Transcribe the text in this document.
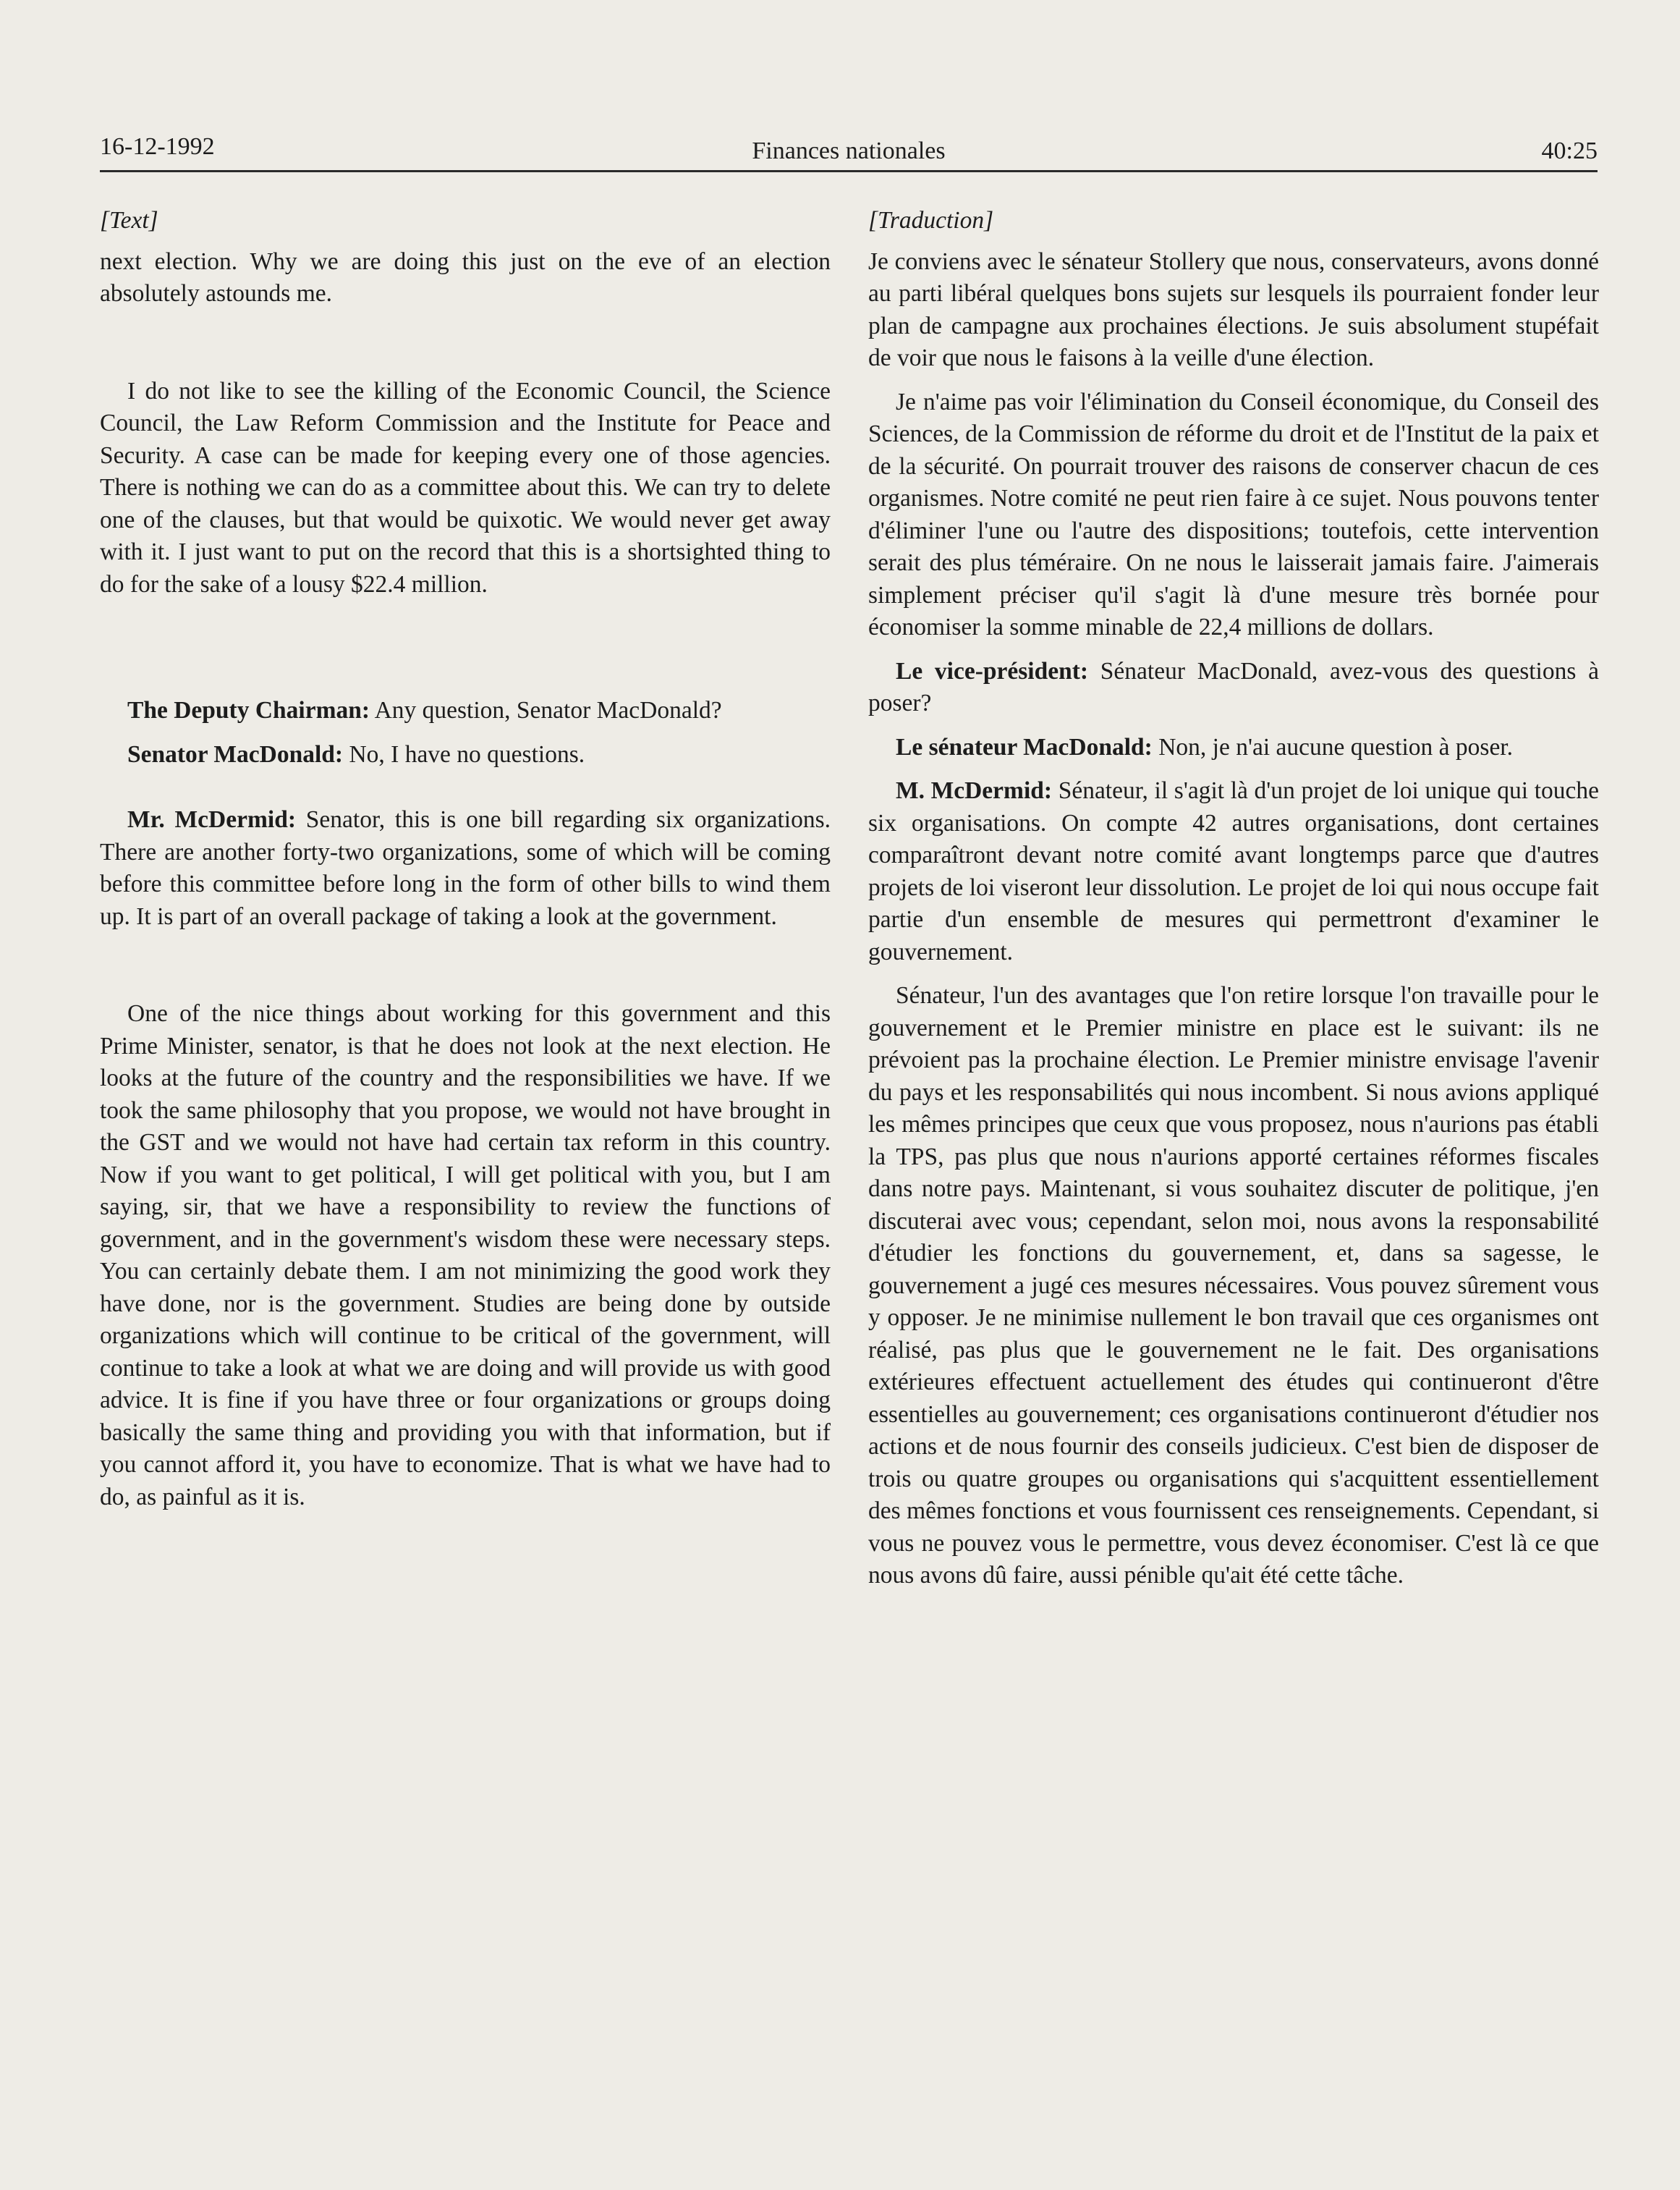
16-12-1992	Finances nationales	40:25

[Text]

next election. Why we are doing this just on the eve of an election absolutely astounds me.

I do not like to see the killing of the Economic Council, the Science Council, the Law Reform Commission and the Institute for Peace and Security. A case can be made for keeping every one of those agencies. There is nothing we can do as a committee about this. We can try to delete one of the clauses, but that would be quixotic. We would never get away with it. I just want to put on the record that this is a shortsighted thing to do for the sake of a lousy $22.4 million.

The Deputy Chairman: Any question, Senator MacDonald?

Senator MacDonald: No, I have no questions.

Mr. McDermid: Senator, this is one bill regarding six organizations. There are another forty-two organizations, some of which will be coming before this committee before long in the form of other bills to wind them up. It is part of an overall package of taking a look at the government.

One of the nice things about working for this government and this Prime Minister, senator, is that he does not look at the next election. He looks at the future of the country and the responsibilities we have. If we took the same philosophy that you propose, we would not have brought in the GST and we would not have had certain tax reform in this country. Now if you want to get political, I will get political with you, but I am saying, sir, that we have a responsibility to review the functions of government, and in the government's wisdom these were necessary steps. You can certainly debate them. I am not minimizing the good work they have done, nor is the government. Studies are being done by outside organizations which will continue to be critical of the government, will continue to take a look at what we are doing and will provide us with good advice. It is fine if you have three or four organizations or groups doing basically the same thing and providing you with that information, but if you cannot afford it, you have to economize. That is what we have had to do, as painful as it is.

[Traduction]

Je conviens avec le sénateur Stollery que nous, conservateurs, avons donné au parti libéral quelques bons sujets sur lesquels ils pourraient fonder leur plan de campagne aux prochaines élections. Je suis absolument stupéfait de voir que nous le faisons à la veille d'une élection.

Je n'aime pas voir l'élimination du Conseil économique, du Conseil des Sciences, de la Commission de réforme du droit et de l'Institut de la paix et de la sécurité. On pourrait trouver des raisons de conserver chacun de ces organismes. Notre comité ne peut rien faire à ce sujet. Nous pouvons tenter d'éliminer l'une ou l'autre des dispositions; toutefois, cette intervention serait des plus téméraire. On ne nous le laisserait jamais faire. J'aimerais simplement préciser qu'il s'agit là d'une mesure très bornée pour économiser la somme minable de 22,4 millions de dollars.

Le vice-président: Sénateur MacDonald, avez-vous des questions à poser?

Le sénateur MacDonald: Non, je n'ai aucune question à poser.

M. McDermid: Sénateur, il s'agit là d'un projet de loi unique qui touche six organisations. On compte 42 autres organisations, dont certaines comparaîtront devant notre comité avant longtemps parce que d'autres projets de loi viseront leur dissolution. Le projet de loi qui nous occupe fait partie d'un ensemble de mesures qui permettront d'examiner le gouvernement.

Sénateur, l'un des avantages que l'on retire lorsque l'on travaille pour le gouvernement et le Premier ministre en place est le suivant: ils ne prévoient pas la prochaine élection. Le Premier ministre envisage l'avenir du pays et les responsabilités qui nous incombent. Si nous avions appliqué les mêmes principes que ceux que vous proposez, nous n'aurions pas établi la TPS, pas plus que nous n'aurions apporté certaines réformes fiscales dans notre pays. Maintenant, si vous souhaitez discuter de politique, j'en discuterai avec vous; cependant, selon moi, nous avons la responsabilité d'étudier les fonctions du gouvernement, et, dans sa sagesse, le gouvernement a jugé ces mesures nécessaires. Vous pouvez sûrement vous y opposer. Je ne minimise nullement le bon travail que ces organismes ont réalisé, pas plus que le gouvernement ne le fait. Des organisations extérieures effectuent actuellement des études qui continueront d'être essentielles au gouvernement; ces organisations continueront d'étudier nos actions et de nous fournir des conseils judicieux. C'est bien de disposer de trois ou quatre groupes ou organisations qui s'acquittent essentiellement des mêmes fonctions et vous fournissent ces renseignements. Cependant, si vous ne pouvez vous le permettre, vous devez économiser. C'est là ce que nous avons dû faire, aussi pénible qu'ait été cette tâche.
